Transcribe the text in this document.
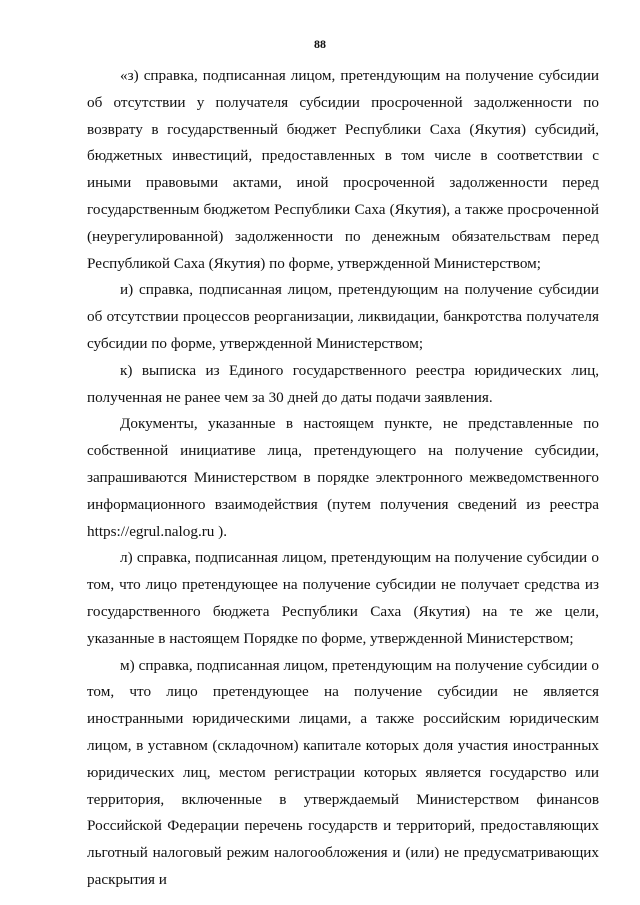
88

«з) справка, подписанная лицом, претендующим на получение субсидии об отсутствии у получателя субсидии просроченной задолженности по возврату в государственный бюджет Республики Саха (Якутия) субсидий, бюджетных инвестиций, предоставленных в том числе в соответствии с иными правовыми актами, иной просроченной задолженности перед государственным бюджетом Республики Саха (Якутия), а также просроченной (неурегулированной) задолженности по денежным обязательствам перед Республикой Саха (Якутия) по форме, утвержденной Министерством;

и) справка, подписанная лицом, претендующим на получение субсидии об отсутствии процессов реорганизации, ликвидации, банкротства получателя субсидии по форме, утвержденной Министерством;

к) выписка из Единого государственного реестра юридических лиц, полученная не ранее чем за 30 дней до даты подачи заявления.

Документы, указанные в настоящем пункте, не представленные по собственной инициативе лица, претендующего на получение субсидии, запрашиваются Министерством в порядке электронного межведомственного информационного взаимодействия (путем получения сведений из реестра https://egrul.nalog.ru ).

л) справка, подписанная лицом, претендующим на получение субсидии о том, что лицо претендующее на получение субсидии не получает средства из государственного бюджета Республики Саха (Якутия) на те же цели, указанные в настоящем Порядке по форме, утвержденной Министерством;

м) справка, подписанная лицом, претендующим на получение субсидии о том, что лицо претендующее на получение субсидии не является иностранными юридическими лицами, а также российским юридическим лицом, в уставном (складочном) капитале которых доля участия иностранных юридических лиц, местом регистрации которых является государство или территория, включенные в утверждаемый Министерством финансов Российской Федерации перечень государств и территорий, предоставляющих льготный налоговый режим налогообложения и (или) не предусматривающих раскрытия и
